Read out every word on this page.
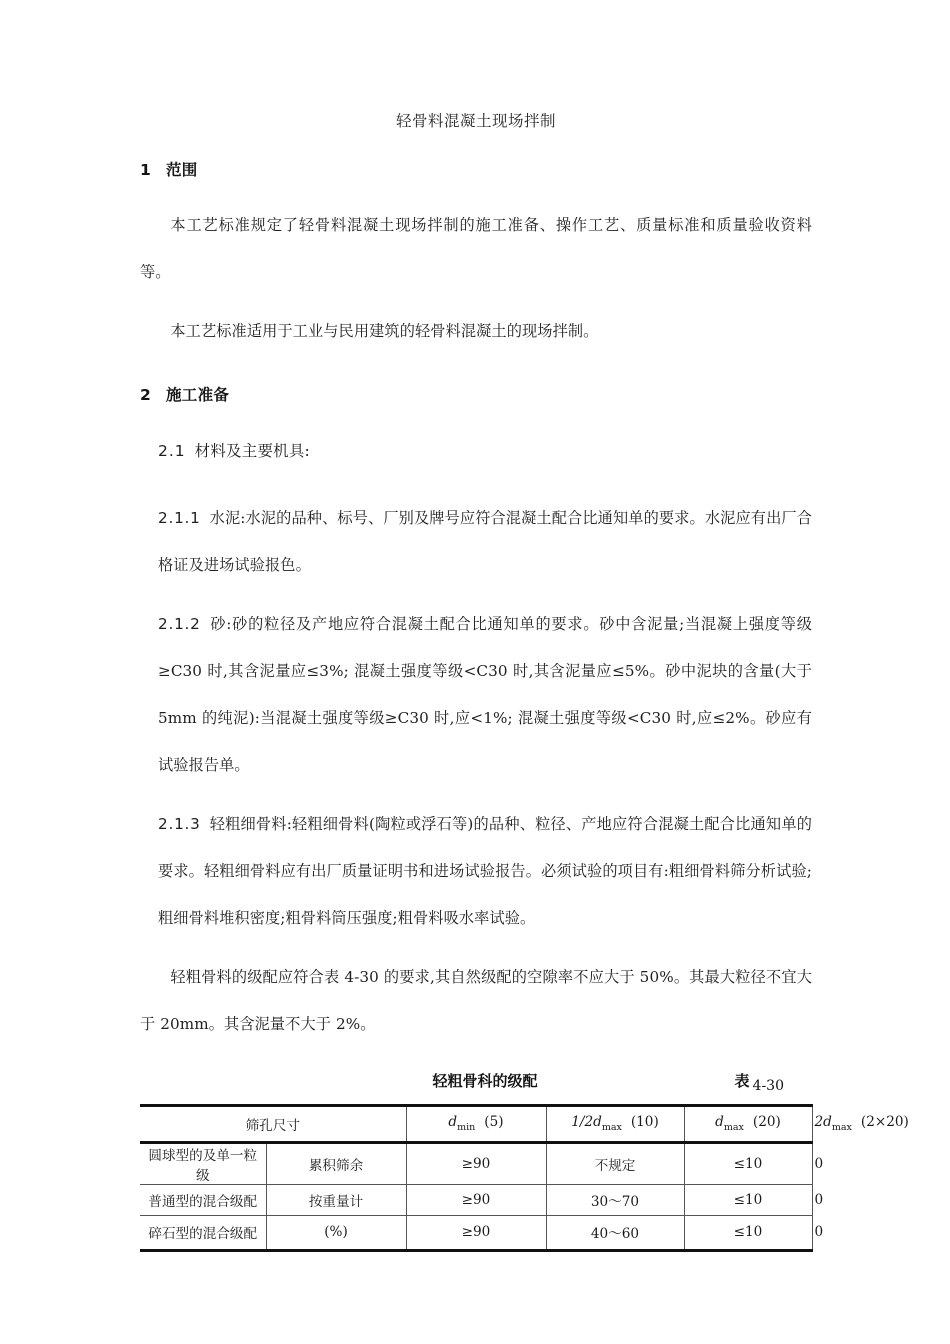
轻骨料混凝土现场拌制
1 范围

本工艺标准规定了轻骨料混凝土现场拌制的施工准备、操作工艺、质量标准和质量验收资料等。

本工艺标准适用于工业与民用建筑的轻骨料混凝土的现场拌制。

2 施工准备
2.1 材料及主要机具:

2.1.1 水泥:水泥的品种、标号、厂别及牌号应符合混凝土配合比通知单的要求。水泥应有出厂合格证及进场试验报色。

2.1.2 砂:砂的粒径及产地应符合混凝土配合比通知单的要求。砂中含泥量;当混凝上强度等级≥C30 时,其含泥量应≤3%; 混凝土强度等级<C30 时,其含泥量应≤5%。砂中泥块的含量(大于 5mm 的纯泥):当混凝土强度等级≥C30 时,应<1%; 混凝土强度等级<C30 时,应≤2%。砂应有试验报告单。

2.1.3 轻粗细骨料:轻粗细骨料(陶粒或浮石等)的品种、粒径、产地应符合混凝土配合比通知单的要求。轻粗细骨料应有出厂质量证明书和进场试验报告。必须试验的项目有:粗细骨料筛分析试验;粗细骨料堆积密度;粗骨料筒压强度;粗骨料吸水率试验。

轻粗骨料的级配应符合表 4-30 的要求,其自然级配的空隙率不应大于 50%。其最大粒径不宜大于 20mm。其含泥量不大于 2%。

轻粗骨科的级配	表 4-30
筛孔尺寸		$d_{min}$ (5)	$1/2d_{max}$ (10)	$d_{max}$ (20)	$2d_{max}$ (2×20)
圆球型的及单一粒级	累积筛余	≥90	不规定	≤10	0
普通型的混合级配	按重量计	≥90	30～70	≤10	0
碎石型的混合级配	(%)	≥90	40～60	≤10	0
